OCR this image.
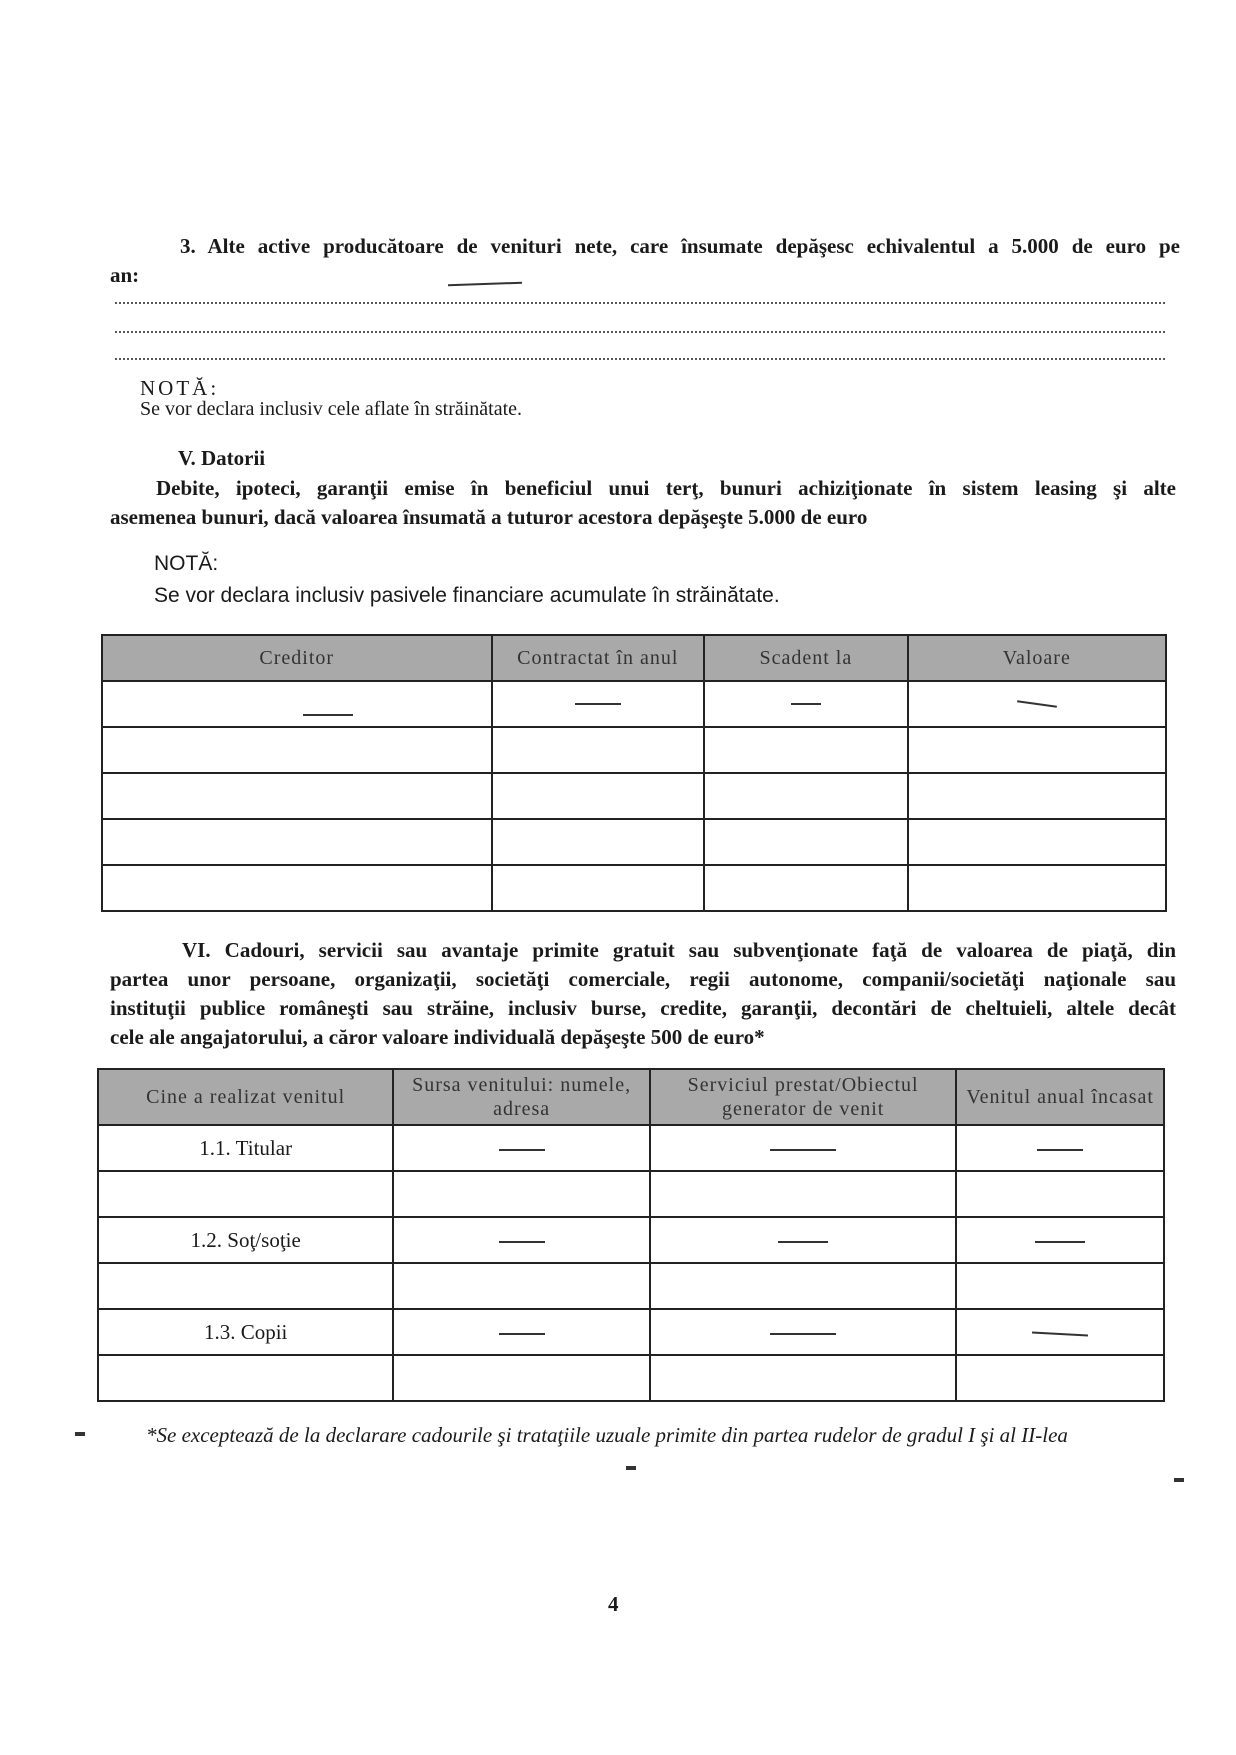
3. Alte active producătoare de venituri nete, care însumate depăşesc echivalentul a 5.000 de euro pe
an:
NOTĂ:
Se vor declara inclusiv cele aflate în străinătate.
V. Datorii
Debite, ipoteci, garanţii emise în beneficiul unui terţ, bunuri achiziţionate în sistem leasing şi alte
asemenea bunuri, dacă valoarea însumată a tuturor acestora depăşeşte 5.000 de euro
NOTĂ:
Se vor declara inclusiv pasivele financiare acumulate în străinătate.
Creditor	Contractat în anul	Scadent la	Valoare

VI. Cadouri, servicii sau avantaje primite gratuit sau subvenţionate faţă de valoarea de piaţă, din
partea unor persoane, organizaţii, societăţi comerciale, regii autonome, companii/societăţi naţionale sau
instituţii publice româneşti sau străine, inclusiv burse, credite, garanţii, decontări de cheltuieli, altele decât
cele ale angajatorului, a căror valoare individuală depăşeşte 500 de euro*
Cine a realizat venitul	Sursa venitului: numele, adresa	Serviciul prestat/Obiectul generator de venit	Venitul anual încasat
1.1. Titular			

1.2. Soţ/soţie			

1.3. Copii			

*Se exceptează de la declarare cadourile şi trataţiile uzuale primite din partea rudelor de gradul I şi al II-lea
4
